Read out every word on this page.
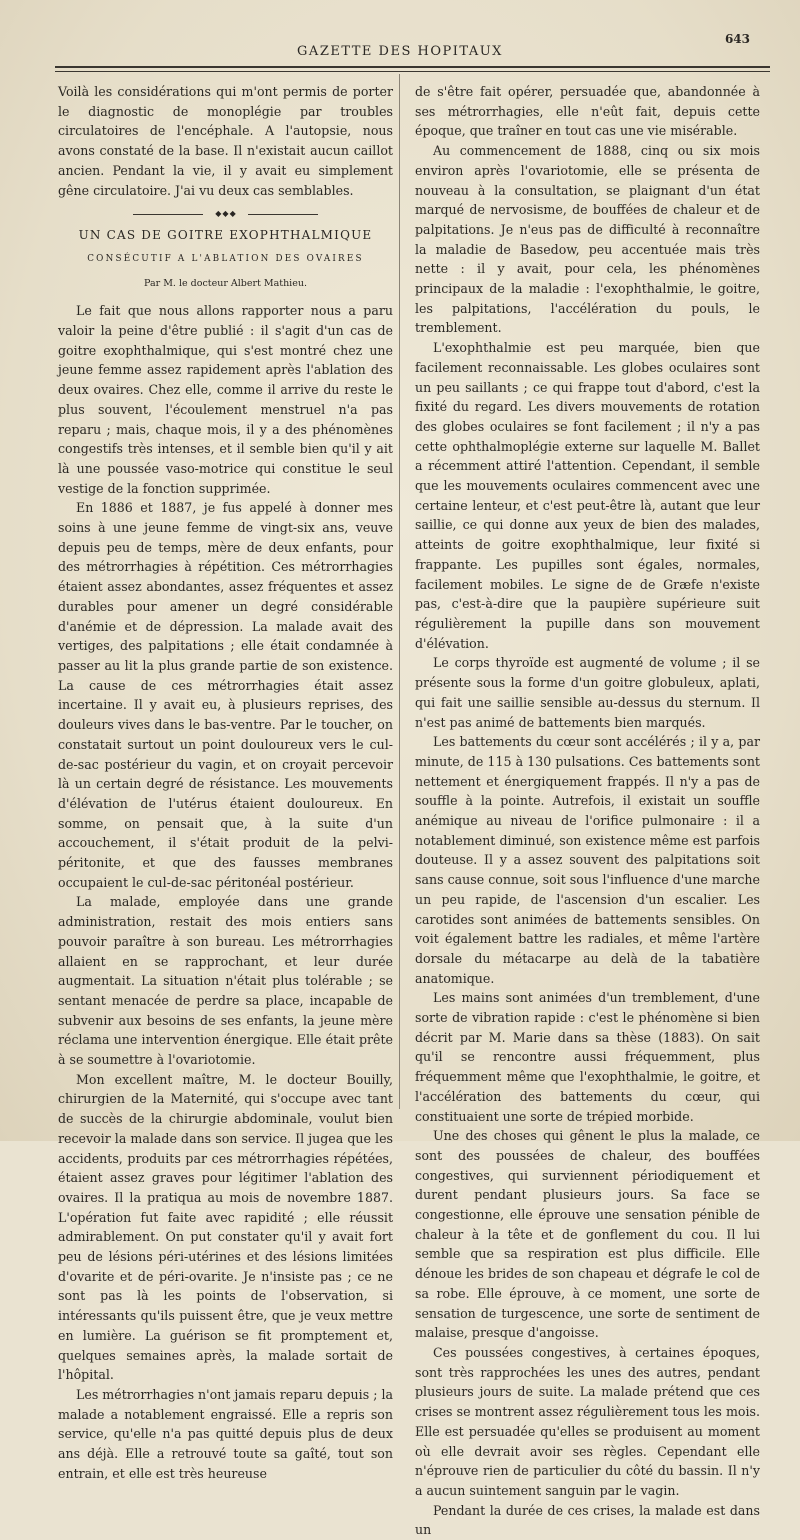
GAZETTE DES HOPITAUX
643

Voilà les considérations qui m'ont permis de porter le diagnostic de monoplégie par troubles circulatoires de l'encéphale. A l'autopsie, nous avons constaté de la base. Il n'existait aucun caillot ancien. Pendant la vie, il y avait eu simplement gêne circulatoire. J'ai vu deux cas semblables.

◆◆◆
UN CAS DE GOITRE EXOPHTHALMIQUE
CONSÉCUTIF A L'ABLATION DES OVAIRES
Par M. le docteur Albert Mathieu.

Le fait que nous allons rapporter nous a paru valoir la peine d'être publié : il s'agit d'un cas de goitre exophthalmique, qui s'est montré chez une jeune femme assez rapidement après l'ablation des deux ovaires. Chez elle, comme il arrive du reste le plus souvent, l'écoulement menstruel n'a pas reparu ; mais, chaque mois, il y a des phénomènes congestifs très intenses, et il semble bien qu'il y ait là une poussée vaso-motrice qui constitue le seul vestige de la fonction supprimée.

En 1886 et 1887, je fus appelé à donner mes soins à une jeune femme de vingt-six ans, veuve depuis peu de temps, mère de deux enfants, pour des métrorrhagies à répétition. Ces métrorrhagies étaient assez abondantes, assez fréquentes et assez durables pour amener un degré considérable d'anémie et de dépression. La malade avait des vertiges, des palpitations ; elle était condamnée à passer au lit la plus grande partie de son existence. La cause de ces métrorrhagies était assez incertaine. Il y avait eu, à plusieurs reprises, des douleurs vives dans le bas-ventre. Par le toucher, on constatait surtout un point douloureux vers le cul-de-sac postérieur du vagin, et on croyait percevoir là un certain degré de résistance. Les mouvements d'élévation de l'utérus étaient douloureux. En somme, on pensait que, à la suite d'un accouchement, il s'était produit de la pelvi-péritonite, et que des fausses membranes occupaient le cul-de-sac péritonéal postérieur.

La malade, employée dans une grande administration, restait des mois entiers sans pouvoir paraître à son bureau. Les métrorrhagies allaient en se rapprochant, et leur durée augmentait. La situation n'était plus tolérable ; se sentant menacée de perdre sa place, incapable de subvenir aux besoins de ses enfants, la jeune mère réclama une intervention énergique. Elle était prête à se soumettre à l'ovariotomie.

Mon excellent maître, M. le docteur Bouilly, chirurgien de la Maternité, qui s'occupe avec tant de succès de la chirurgie abdominale, voulut bien recevoir la malade dans son service. Il jugea que les accidents, produits par ces métrorrhagies répétées, étaient assez graves pour légitimer l'ablation des ovaires. Il la pratiqua au mois de novembre 1887. L'opération fut faite avec rapidité ; elle réussit admirablement. On put constater qu'il y avait fort peu de lésions péri-utérines et des lésions limitées d'ovarite et de péri-ovarite. Je n'insiste pas ; ce ne sont pas là les points de l'observation, si intéressants qu'ils puissent être, que je veux mettre en lumière. La guérison se fit promptement et, quelques semaines après, la malade sortait de l'hôpital.

Les métrorrhagies n'ont jamais reparu depuis ; la malade a notablement engraissé. Elle a repris son service, qu'elle n'a pas quitté depuis plus de deux ans déjà. Elle a retrouvé toute sa gaîté, tout son entrain, et elle est très heureuse

de s'être fait opérer, persuadée que, abandonnée à ses métrorrhagies, elle n'eût fait, depuis cette époque, que traîner en tout cas une vie misérable.

Au commencement de 1888, cinq ou six mois environ après l'ovariotomie, elle se présenta de nouveau à la consultation, se plaignant d'un état marqué de nervosisme, de bouffées de chaleur et de palpitations. Je n'eus pas de difficulté à reconnaître la maladie de Basedow, peu accentuée mais très nette : il y avait, pour cela, les phénomènes principaux de la maladie : l'exophthalmie, le goitre, les palpitations, l'accélération du pouls, le tremblement.

L'exophthalmie est peu marquée, bien que facilement reconnaissable. Les globes oculaires sont un peu saillants ; ce qui frappe tout d'abord, c'est la fixité du regard. Les divers mouvements de rotation des globes oculaires se font facilement ; il n'y a pas cette ophthalmoplégie externe sur laquelle M. Ballet a récemment attiré l'attention. Cependant, il semble que les mouvements oculaires commencent avec une certaine lenteur, et c'est peut-être là, autant que leur saillie, ce qui donne aux yeux de bien des malades, atteints de goitre exophthalmique, leur fixité si frappante. Les pupilles sont égales, normales, facilement mobiles. Le signe de de Græfe n'existe pas, c'est-à-dire que la paupière supérieure suit régulièrement la pupille dans son mouvement d'élévation.

Le corps thyroïde est augmenté de volume ; il se présente sous la forme d'un goitre globuleux, aplati, qui fait une saillie sensible au-dessus du sternum. Il n'est pas animé de battements bien marqués.

Les battements du cœur sont accélérés ; il y a, par minute, de 115 à 130 pulsations. Ces battements sont nettement et énergiquement frappés. Il n'y a pas de souffle à la pointe. Autrefois, il existait un souffle anémique au niveau de l'orifice pulmonaire : il a notablement diminué, son existence même est parfois douteuse. Il y a assez souvent des palpitations soit sans cause connue, soit sous l'influence d'une marche un peu rapide, de l'ascension d'un escalier. Les carotides sont animées de battements sensibles. On voit également battre les radiales, et même l'artère dorsale du métacarpe au delà de la tabatière anatomique.

Les mains sont animées d'un tremblement, d'une sorte de vibration rapide : c'est le phénomène si bien décrit par M. Marie dans sa thèse (1883). On sait qu'il se rencontre aussi fréquemment, plus fréquemment même que l'exophthalmie, le goitre, et l'accélération des battements du cœur, qui constituaient une sorte de trépied morbide.

Une des choses qui gênent le plus la malade, ce sont des poussées de chaleur, des bouffées congestives, qui surviennent périodiquement et durent pendant plusieurs jours. Sa face se congestionne, elle éprouve une sensation pénible de chaleur à la tête et de gonflement du cou. Il lui semble que sa respiration est plus difficile. Elle dénoue les brides de son chapeau et dégrafe le col de sa robe. Elle éprouve, à ce moment, une sorte de sensation de turgescence, une sorte de sentiment de malaise, presque d'angoisse.

Ces poussées congestives, à certaines époques, sont très rapprochées les unes des autres, pendant plusieurs jours de suite. La malade prétend que ces crises se montrent assez régulièrement tous les mois. Elle est persuadée qu'elles se produisent au moment où elle devrait avoir ses règles. Cependant elle n'éprouve rien de particulier du côté du bassin. Il n'y a aucun suintement sanguin par le vagin.

Pendant la durée de ces crises, la malade est dans un
